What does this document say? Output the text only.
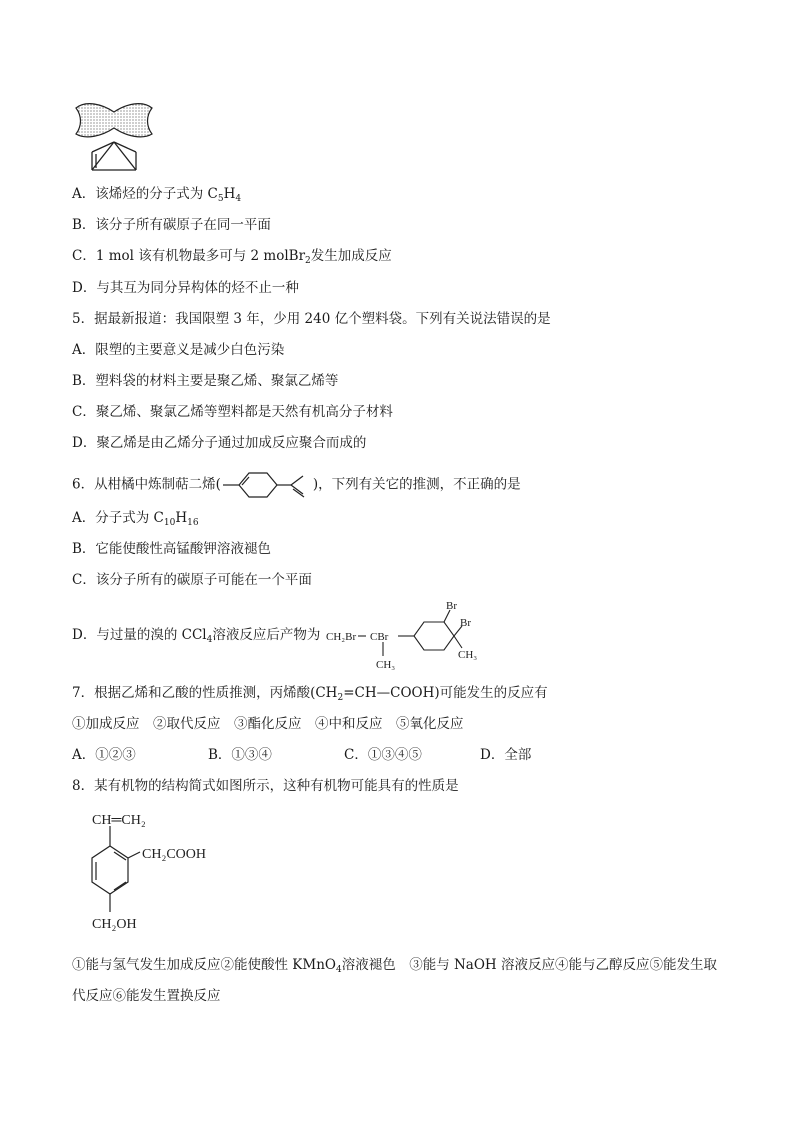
A．该烯烃的分子式为 $C_5H_4$
B．该分子所有碳原子在同一平面
C．1 mol 该有机物最多可与 2 molBr$_2$发生加成反应
D．与其互为同分异构体的烃不止一种
5．据最新报道：我国限塑 3 年，少用 240 亿个塑料袋。下列有关说法错误的是
A．限塑的主要意义是减少白色污染
B．塑料袋的材料主要是聚乙烯、聚氯乙烯等
C．聚乙烯、聚氯乙烯等塑料都是天然有机高分子材料
D．聚乙烯是由乙烯分子通过加成反应聚合而成的
6．从柑橘中炼制萜二烯(	)，下列有关它的推测，不正确的是
A．分子式为 $C_{10}H_{16}$
B．它能使酸性高锰酸钾溶液褪色
C．该分子所有的碳原子可能在一个平面
D．与过量的溴的 CCl$_4$溶液反应后产物为 CH₂Br CBr
CH₃
Br
Br
CH₃
7．根据乙烯和乙酸的性质推测，丙烯酸$(CH_2=CH—COOH)$可能发生的反应有
①加成反应　②取代反应　③酯化反应　④中和反应　⑤氧化反应
A．①②③	B．①③④	C．①③④⑤	D．全部
8．某有机物的结构简式如图所示，这种有机物可能具有的性质是
CH═CH₂
CH₂COOH
CH₂OH
①能与氢气发生加成反应②能使酸性 KMnO$_4$溶液褪色　③能与 NaOH 溶液反应④能与乙醇反应⑤能发生取
代反应⑥能发生置换反应
